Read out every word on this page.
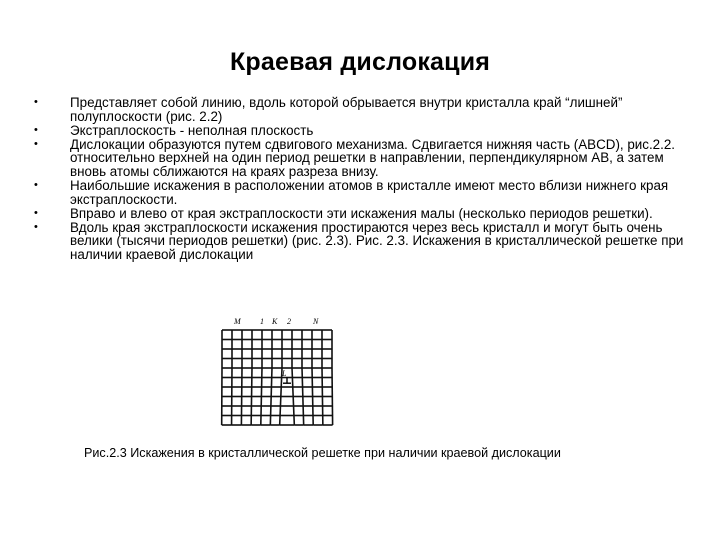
Краевая дислокация
• Представляет собой линию, вдоль которой обрывается внутри кристалла край “лишней” полуплоскости (рис. 2.2)
• Экстраплоскость - неполная плоскость
• Дислокации образуются путем сдвигового механизма. Сдвигается нижняя часть (ABCD), рис.2.2. относительно верхней на один период решетки в направлении, перпендикулярном AB, а затем вновь атомы сближаются на краях разреза внизу.
• Наибольшие искажения в расположении атомов в кристалле имеют место вблизи нижнего края экстраплоскости.
• Вправо и влево от края экстраплоскости эти искажения малы (несколько периодов решетки).
• Вдоль края экстраплоскости искажения простираются через весь кристалл и могут быть очень велики (тысячи периодов решетки) (рис. 2.3). Рис. 2.3. Искажения в кристаллической решетке при наличии краевой дислокации
M 1 K 2	N
L
Рис.2.3 Искажения в кристаллической решетке при наличии краевой дислокации
